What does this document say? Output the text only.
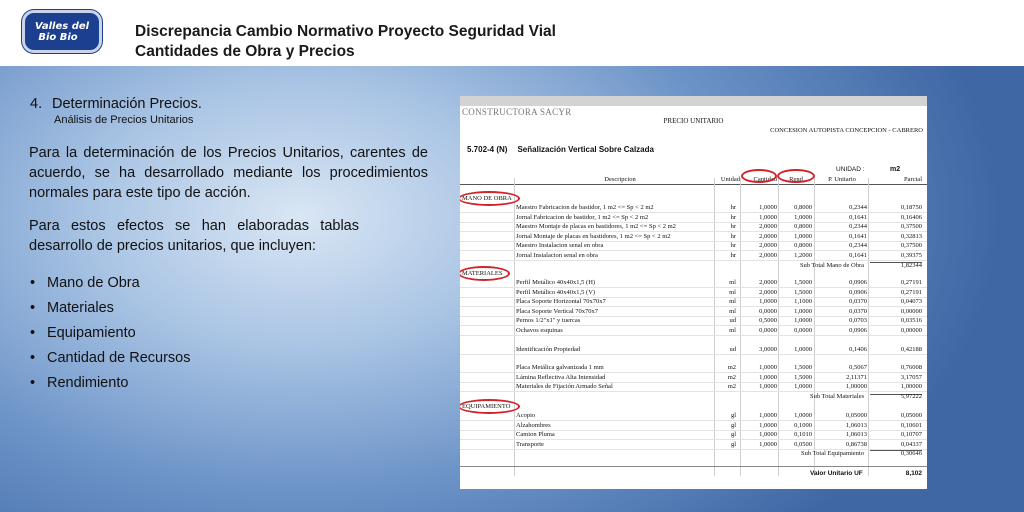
Valles del
Bio Bio	Discrepancia Cambio Normativo Proyecto Seguridad Vial
Cantidades de Obra y Precios
4. Determinación Precios.
Análisis de Precios Unitarios
Para la determinación de los Precios Unitarios, carentes de acuerdo, se ha desarrollado mediante los procedimientos normales para este tipo de acción.
Para estos efectos se han elaboradas tablas desarrollo de precios unitarios, que incluyen:
• Mano de Obra
• Materiales
• Equipamiento
• Cantidad de Recursos
• Rendimiento
CONSTRUCTORA SACYR
PRECIO UNITARIO
CONCESION AUTOPISTA CONCEPCION - CABRERO
5.702-4 (N) Señalización Vertical Sobre Calzada
UNIDAD :	m2
Descripcion	Unidad	Cantidad	Rend	P. Unitario	Parcial
MANO DE OBRA
Maestro Fabricacion de bastidor, 1 m2 <= Sp < 2 m2	hr	1,0000	0,8000	0,2344	0,18750
Jornal Fabricacion de bastidor, 1 m2 <= Sp < 2 m2	hr	1,0000	1,0000	0,1641	0,16406
Maestro Montaje de placas en bastidores, 1 m2 <= Sp < 2 m2	hr	2,0000	0,8000	0,2344	0,37500
Jornal Montaje de placas en bastidores, 1 m2 <= Sp < 2 m2	hr	2,0000	1,0000	0,1641	0,32813
Maestro Instalacion senal en obra	hr	2,0000	0,8000	0,2344	0,37500
Jornal Instalacion senal en obra	hr	2,0000	1,2000	0,1641	0,39375
Sub Total Mano de Obra	1,82344
MATERIALES
Perfil Metálico 40x40x1,5 (H)	ml	2,0000	1,5000	0,0906	0,27191
Perfil Metálico 40x40x1,5 (V)	ml	2,0000	1,5000	0,0906	0,27191
Placa Soporte Horizontal 70x70x7	ml	1,0000	1,1000	0,0370	0,04073
Placa Soporte Vertical 70x70x7	ml	0,0000	1,0000	0,0370	0,00000
Pernos 1/2"x1" y tuercas	ud	0,5000	1,0000	0,0703	0,03516
Ochavos esquinas	ml	0,0000	0,0000	0,0906	0,00000
Identificación Propiedad	ud	3,0000	1,0000	0,1406	0,42188
Placa Metálica galvanizada 1 mm	m2	1,0000	1,5000	0,5067	0,76008
Lámina Reflectiva Alta Intensidad	m2	1,0000	1,5000	2,11371	3,17057
Materiales de Fijación Armado Señal	m2	1,0000	1,0000	1,00000	1,00000
Sub Total Materiales	5,97222
EQUIPAMIENTO
Acopio	gl	1,0000	1,0000	0,05000	0,05000
Alzahombres	gl	1,0000	0,1000	1,06013	0,10601
Camion Pluma	gl	1,0000	0,1010	1,06013	0,10707
Transporte	gl	1,0000	0,0500	0,86738	0,04337
Sub Total Equipamiento	0,30646
Valor Unitario UF	8,102
